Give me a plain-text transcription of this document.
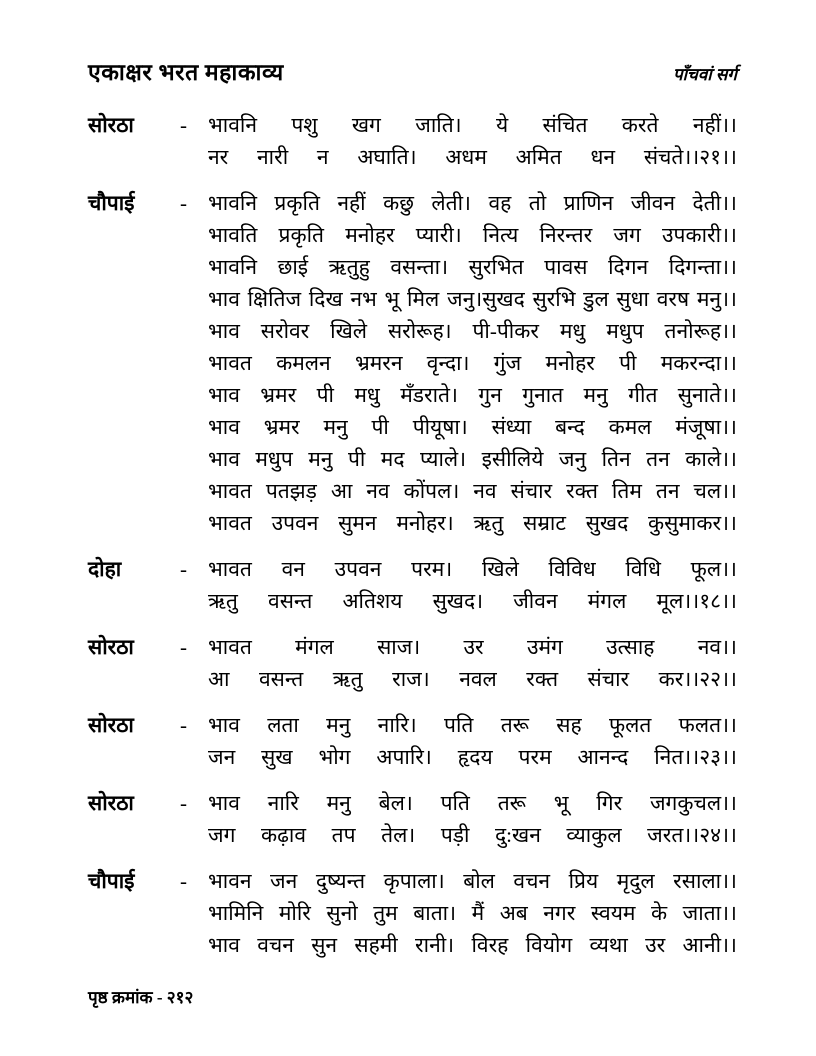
एकाक्षर भरत महाकाव्य	पाँचवां सर्ग
सोरठा	-	भावनि पशु खग जाति। ये संचित करते नहीं।।
नर नारी न अघाति। अधम अमित धन संचते।।२१।।
चौपाई	-	भावनि प्रकृति नहीं कछु लेती। वह तो प्राणिन जीवन देती।।
भावति प्रकृति मनोहर प्यारी। नित्य निरन्तर जग उपकारी।।
भावनि छाई ऋतुहु वसन्ता। सुरभित पावस दिगन दिगन्ता।।
भाव क्षितिज दिख नभ भू मिल जनु।सुखद सुरभि डुल सुधा वरष मनु।।
भाव सरोवर खिले सरोरूह। पी-पीकर मधु मधुप तनोरूह।।
भावत कमलन भ्रमरन वृन्दा। गुंज मनोहर पी मकरन्दा।।
भाव भ्रमर पी मधु मँडराते। गुन गुनात मनु गीत सुनाते।।
भाव भ्रमर मनु पी पीयूषा। संध्या बन्द कमल मंजूषा।।
भाव मधुप मनु पी मद प्याले। इसीलिये जनु तिन तन काले।।
भावत पतझड़ आ नव कोंपल। नव संचार रक्त तिम तन चल।।
भावत उपवन सुमन मनोहर। ऋतु सम्राट सुखद कुसुमाकर।।
दोहा	-	भावत वन उपवन परम। खिले विविध विधि फूल।।
ऋतु वसन्त अतिशय सुखद। जीवन मंगल मूल।।१८।।
सोरठा	-	भावत मंगल साज। उर उमंग उत्साह नव।।
आ वसन्त ऋतु राज। नवल रक्त संचार कर।।२२।।
सोरठा	-	भाव लता मनु नारि। पति तरू सह फूलत फलत।।
जन सुख भोग अपारि। हृदय परम आनन्द नित।।२३।।
सोरठा	-	भाव नारि मनु बेल। पति तरू भू गिर जगकुचल।।
जग कढ़ाव तप तेल। पड़ी दु:खन व्याकुल जरत।।२४।।
चौपाई	-	भावन जन दुष्यन्त कृपाला। बोल वचन प्रिय मृदुल रसाला।।
भामिनि मोरि सुनो तुम बाता। मैं अब नगर स्वयम के जाता।।
भाव वचन सुन सहमी रानी। विरह वियोग व्यथा उर आनी।।
पृष्ठ क्रमांक - २१२
